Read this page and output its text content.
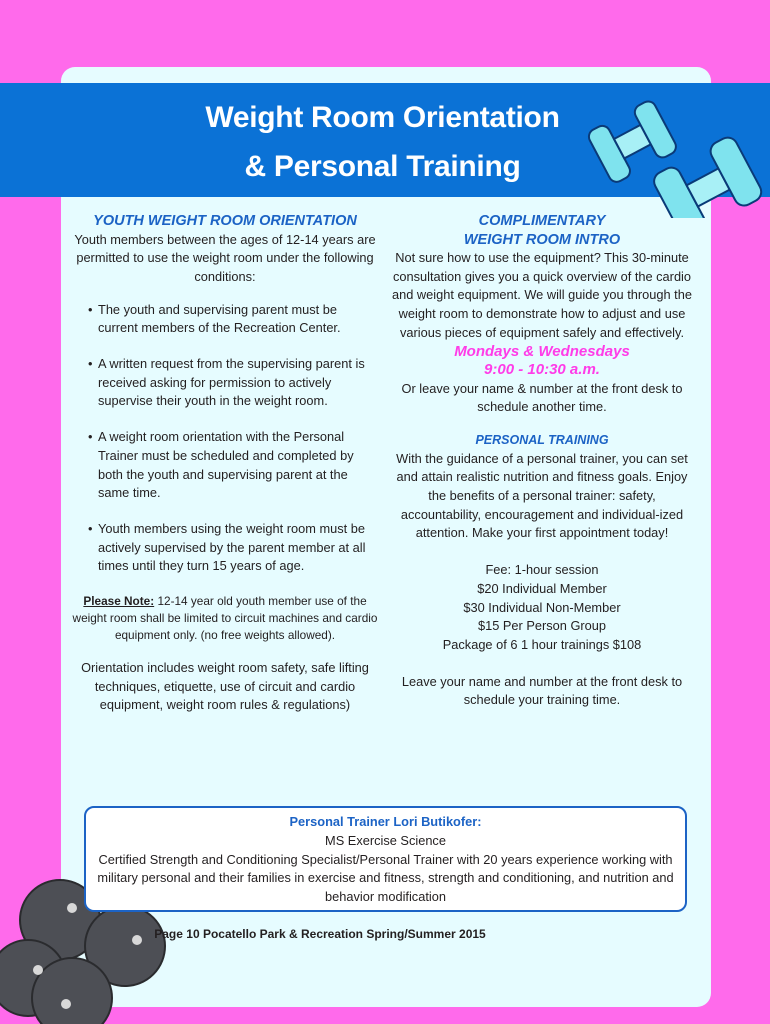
Weight Room Orientation
& Personal Training
YOUTH WEIGHT ROOM ORIENTATION

Youth members between the ages of 12-14 years are permitted to use the weight room under the following conditions:

• The youth and supervising parent must be current members of the Recreation Center.
• A written request from the supervising parent is received asking for permission to actively supervise their youth in the weight room.
• A weight room orientation with the Personal Trainer must be scheduled and completed by both the youth and supervising parent at the same time.
• Youth members using the weight room must be actively supervised by the parent member at all times until they turn 15 years of age.
Please Note: 12-14 year old youth member use of the weight room shall be limited to circuit machines and cardio equipment only. (no free weights allowed).

Orientation includes weight room safety, safe lifting techniques, etiquette, use of circuit and cardio equipment, weight room rules & regulations)

COMPLIMENTARY
WEIGHT ROOM INTRO

Not sure how to use the equipment? This 30-minute consultation gives you a quick overview of the cardio and weight equipment. We will guide you through the weight room to demonstrate how to adjust and use various pieces of equipment safely and effectively.

Mondays & Wednesdays
9:00 - 10:30 a.m.

Or leave your name & number at the front desk to schedule another time.

PERSONAL TRAINING

With the guidance of a personal trainer, you can set and attain realistic nutrition and fitness goals. Enjoy the benefits of a personal trainer: safety, accountability, encouragement and individual-ized attention. Make your first appointment today!

Fee: 1-hour session
$20 Individual Member
$30 Individual Non-Member
$15 Per Person Group
Package of 6 1 hour trainings $108

Leave your name and number at the front desk to schedule your training time.

Personal Trainer Lori Butikofer:
MS Exercise Science
Certified Strength and Conditioning Specialist/Personal Trainer with 20 years experience working with military personal and their families in exercise and fitness, strength and conditioning, and nutrition and behavior modification
Page 10 Pocatello Park & Recreation Spring/Summer 2015
